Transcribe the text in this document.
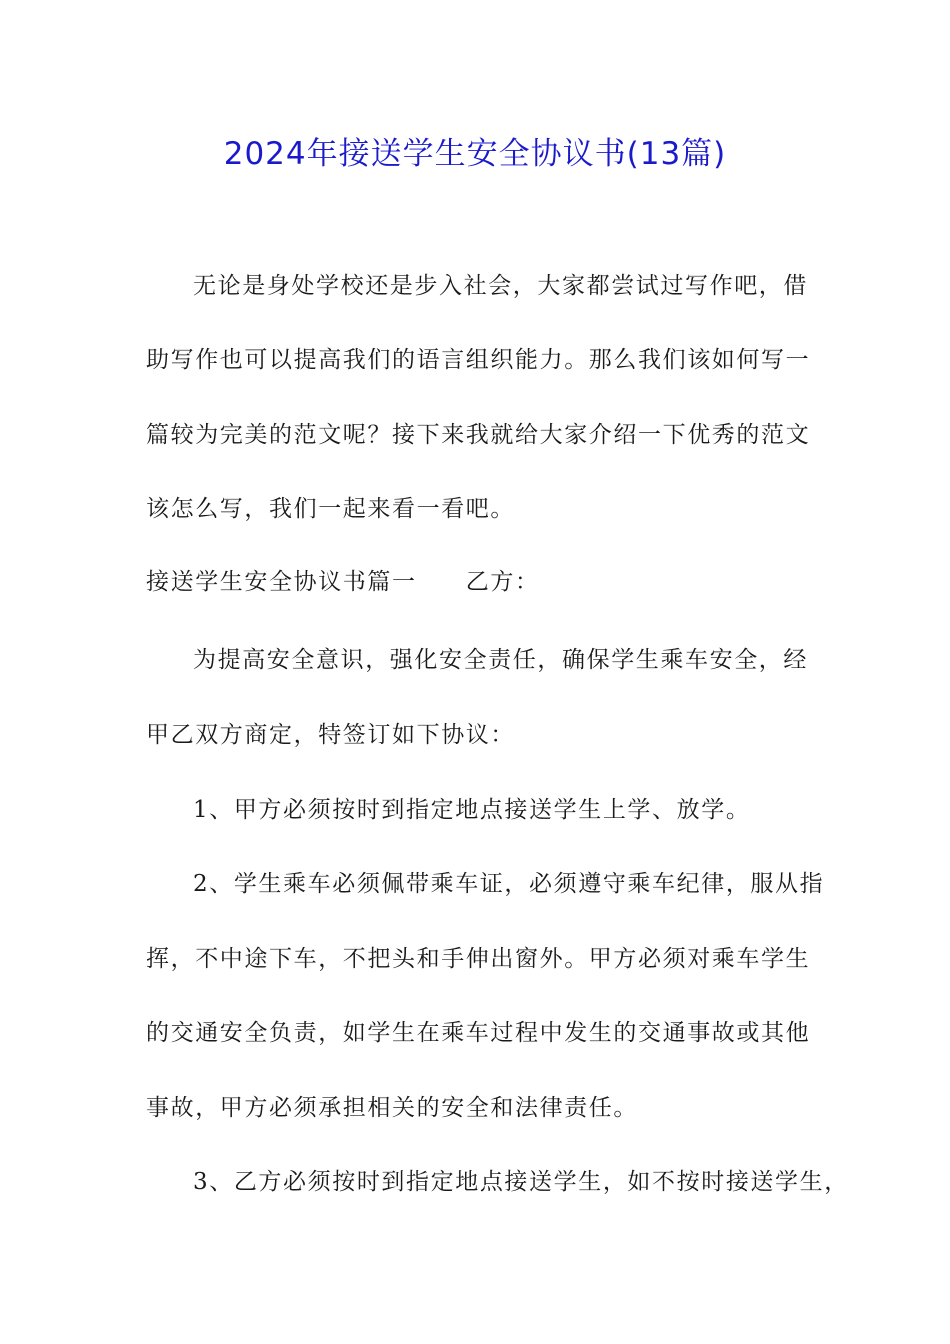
2024年接送学生安全协议书(13篇)
无论是身处学校还是步入社会，大家都尝试过写作吧，借
助写作也可以提高我们的语言组织能力。那么我们该如何写一
篇较为完美的范文呢？接下来我就给大家介绍一下优秀的范文
该怎么写，我们一起来看一看吧。
接送学生安全协议书篇一　　乙方：
为提高安全意识，强化安全责任，确保学生乘车安全，经
甲乙双方商定，特签订如下协议：
1、甲方必须按时到指定地点接送学生上学、放学。
2、学生乘车必须佩带乘车证，必须遵守乘车纪律，服从指
挥，不中途下车，不把头和手伸出窗外。甲方必须对乘车学生
的交通安全负责，如学生在乘车过程中发生的交通事故或其他
事故，甲方必须承担相关的安全和法律责任。
3、乙方必须按时到指定地点接送学生，如不按时接送学生，
